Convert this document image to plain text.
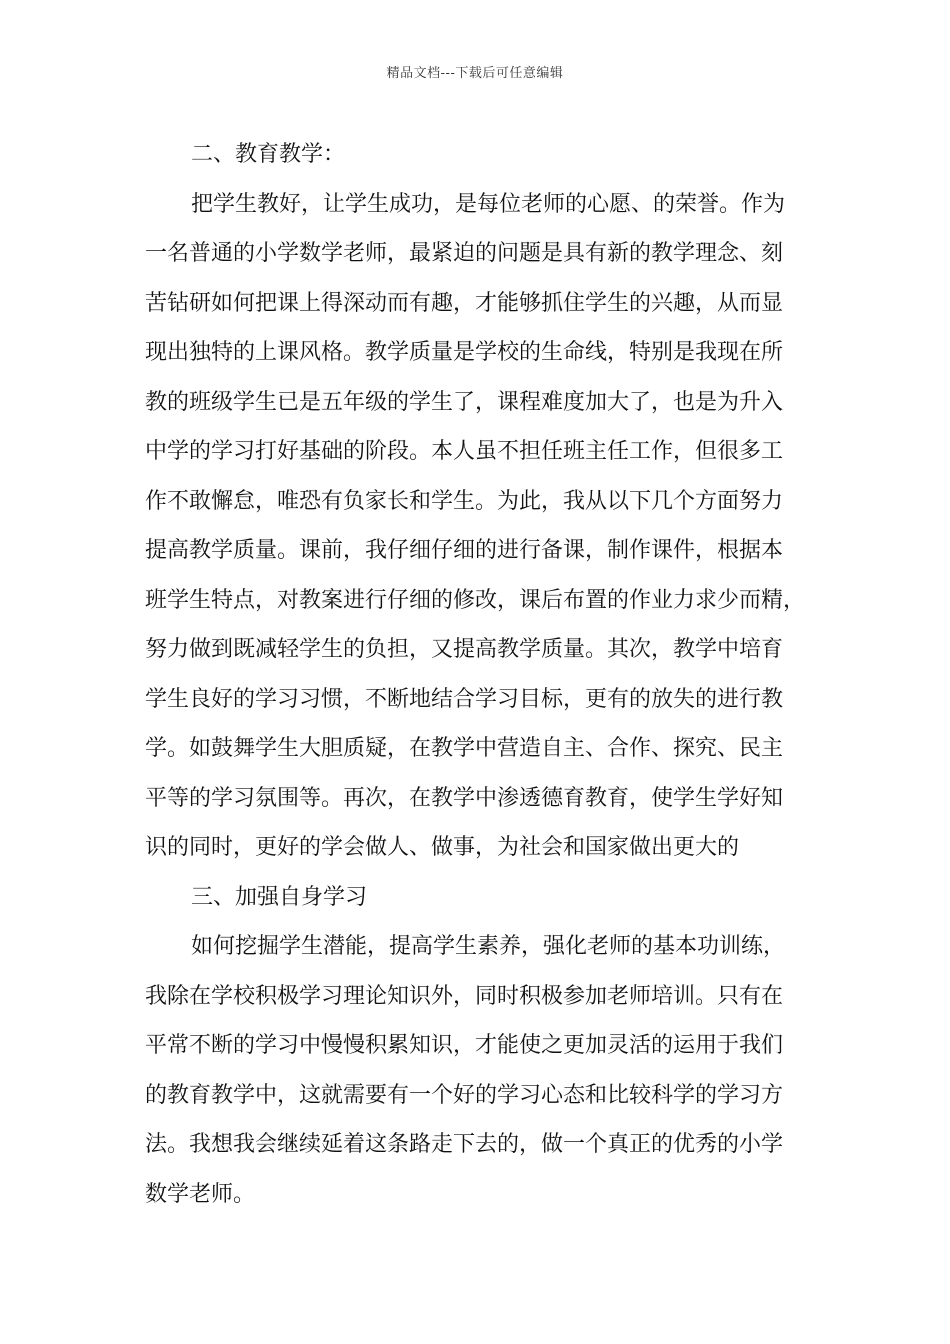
精品文档---下载后可任意编辑
二、教育教学：
把学生教好，让学生成功，是每位老师的心愿、的荣誉。作为
一名普通的小学数学老师，最紧迫的问题是具有新的教学理念、刻
苦钻研如何把课上得深动而有趣，才能够抓住学生的兴趣，从而显
现出独特的上课风格。教学质量是学校的生命线，特别是我现在所
教的班级学生已是五年级的学生了，课程难度加大了，也是为升入
中学的学习打好基础的阶段。本人虽不担任班主任工作，但很多工
作不敢懈怠，唯恐有负家长和学生。为此，我从以下几个方面努力
提高教学质量。课前，我仔细仔细的进行备课，制作课件，根据本
班学生特点，对教案进行仔细的修改，课后布置的作业力求少而精，
努力做到既减轻学生的负担，又提高教学质量。其次，教学中培育
学生良好的学习习惯，不断地结合学习目标，更有的放失的进行教
学。如鼓舞学生大胆质疑，在教学中营造自主、合作、探究、民主
平等的学习氛围等。再次，在教学中渗透德育教育，使学生学好知
识的同时，更好的学会做人、做事，为社会和国家做出更大的
三、加强自身学习
如何挖掘学生潜能，提高学生素养，强化老师的基本功训练，
我除在学校积极学习理论知识外，同时积极参加老师培训。只有在
平常不断的学习中慢慢积累知识，才能使之更加灵活的运用于我们
的教育教学中，这就需要有一个好的学习心态和比较科学的学习方
法。我想我会继续延着这条路走下去的，做一个真正的优秀的小学
数学老师。
